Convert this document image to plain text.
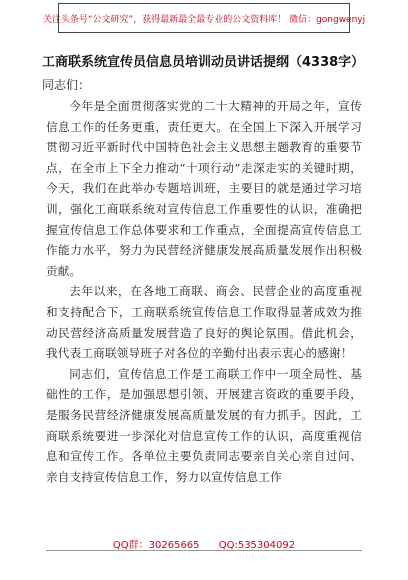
关注头条号“公文研究”，获得最新最全最专业的公文资料库！ 微信：gongwenyj
工商联系统宣传员信息员培训动员讲话提纲（4338字）
同志们：

今年是全面贯彻落实党的二十大精神的开局之年，宣传信息工作的任务更重，责任更大。在全国上下深入开展学习贯彻习近平新时代中国特色社会主义思想主题教育的重要节点，在全市上下全力推动“十项行动”走深走实的关键时期，今天，我们在此举办专题培训班，主要目的就是通过学习培训，强化工商联系统对宣传信息工作重要性的认识，准确把握宣传信息工作总体要求和工作重点，全面提高宣传信息工作能力水平，努力为民营经济健康发展高质量发展作出积极贡献。

去年以来，在各地工商联、商会、民营企业的高度重视和支持配合下，工商联系统宣传信息工作取得显著成效为推动民营经济高质量发展营造了良好的舆论氛围。借此机会，我代表工商联领导班子对各位的辛勤付出表示衷心的感谢！

同志们，宣传信息工作是工商联工作中一项全局性、基础性的工作，是加强思想引领、开展建言资政的重要手段，是服务民营经济健康发展高质量发展的有力抓手。因此，工商联系统要进一步深化对信息宣传工作的认识，高度重视信息和宣传工作。各单位主要负责同志要亲自关心亲自过问、亲自支持宣传信息工作，努力以宣传信息工作

QQ群：30265665 QQ:535304092
